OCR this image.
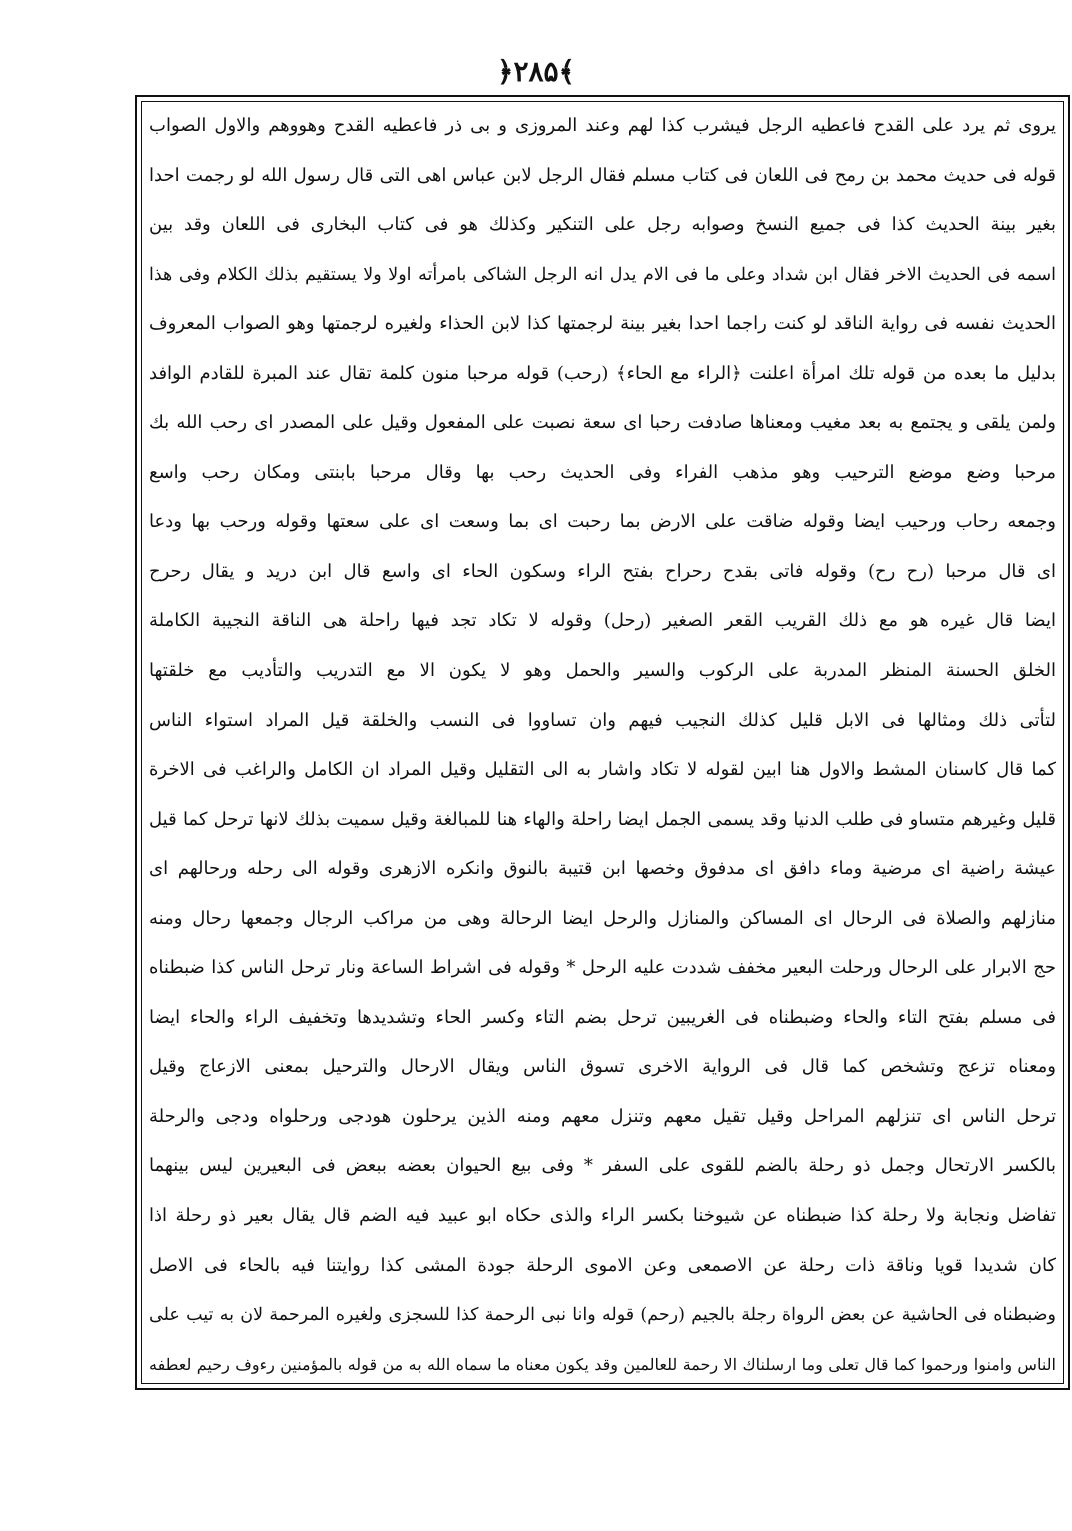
﴿۲۸۵﴾
يروى ثم يرد على القدح فاعطيه الرجل فيشرب كذا لهم وعند المروزى و بى ذر فاعطيه القدح وهووهم والاول الصواب
قوله فى حديث محمد بن رمح فى اللعان فى كتاب مسلم فقال الرجل لابن عباس اهى التى قال رسول الله لو رجمت احدا
بغير بينة الحديث كذا فى جميع النسخ وصوابه رجل على التنكير وكذلك هو فى كتاب البخارى فى اللعان وقد بين
اسمه فى الحديث الاخر فقال ابن شداد وعلى ما فى الام يدل انه الرجل الشاكى بامرأته اولا ولا يستقيم بذلك الكلام وفى هذا
الحديث نفسه فى رواية الناقد لو كنت راجما احدا بغير بينة لرجمتها كذا لابن الحذاء ولغيره لرجمتها وهو الصواب المعروف
بدليل ما بعده من قوله تلك امرأة اعلنت ﴿الراء مع الحاء﴾ (رحب) قوله مرحبا منون كلمة تقال عند المبرة للقادم الوافد
ولمن يلقى و يجتمع به بعد مغيب ومعناها صادفت رحبا اى سعة نصبت على المفعول وقيل على المصدر اى رحب الله بك
مرحبا وضع موضع الترحيب وهو مذهب الفراء وفى الحديث رحب بها وقال مرحبا بابنتى ومكان رحب واسع
وجمعه رحاب ورحيب ايضا وقوله ضاقت على الارض بما رحبت اى بما وسعت اى على سعتها وقوله ورحب بها ودعا
اى قال مرحبا (رح رح) وقوله فاتى بقدح رحراح بفتح الراء وسكون الحاء اى واسع قال ابن دريد و يقال رحرح
ايضا قال غيره هو مع ذلك القريب القعر الصغير (رحل) وقوله لا تكاد تجد فيها راحلة هى الناقة النجيبة الكاملة
الخلق الحسنة المنظر المدربة على الركوب والسير والحمل وهو لا يكون الا مع التدريب والتأديب مع خلقتها
لتأتى ذلك ومثالها فى الابل قليل كذلك النجيب فيهم وان تساووا فى النسب والخلقة قيل المراد استواء الناس
كما قال كاسنان المشط والاول هنا ابين لقوله لا تكاد واشار به الى التقليل وقيل المراد ان الكامل والراغب فى الاخرة
قليل وغيرهم متساو فى طلب الدنيا وقد يسمى الجمل ايضا راحلة والهاء هنا للمبالغة وقيل سميت بذلك لانها ترحل كما قيل
عيشة راضية اى مرضية وماء دافق اى مدفوق وخصها ابن قتيبة بالنوق وانكره الازهرى وقوله الى رحله ورحالهم اى
منازلهم والصلاة فى الرحال اى المساكن والمنازل والرحل ايضا الرحالة وهى من مراكب الرجال وجمعها رحال ومنه
حج الابرار على الرحال ورحلت البعير مخفف شددت عليه الرحل * وقوله فى اشراط الساعة ونار ترحل الناس كذا ضبطناه
فى مسلم بفتح التاء والحاء وضبطناه فى الغريبين ترحل بضم التاء وكسر الحاء وتشديدها وتخفيف الراء والحاء ايضا
ومعناه تزعج وتشخص كما قال فى الرواية الاخرى تسوق الناس ويقال الارحال والترحيل بمعنى الازعاج وقيل
ترحل الناس اى تنزلهم المراحل وقيل تقيل معهم وتنزل معهم ومنه الذين يرحلون هودجى ورحلواه ودجى والرحلة
بالكسر الارتحال وجمل ذو رحلة بالضم للقوى على السفر * وفى بيع الحيوان بعضه ببعض فى البعيرين ليس بينهما
تفاضل ونجابة ولا رحلة كذا ضبطناه عن شيوخنا بكسر الراء والذى حكاه ابو عبيد فيه الضم قال يقال بعير ذو رحلة اذا
كان شديدا قويا وناقة ذات رحلة عن الاصمعى وعن الاموى الرحلة جودة المشى كذا روايتنا فيه بالحاء فى الاصل
وضبطناه فى الحاشية عن بعض الرواة رجلة بالجيم (رحم) قوله وانا نبى الرحمة كذا للسجزى ولغيره المرحمة لان به تيب على
الناس وامنوا ورحموا كما قال تعلى وما ارسلناك الا رحمة للعالمين وقد يكون معناه ما سماه الله به من قوله بالمؤمنين رءوف رحيم لعطفه
